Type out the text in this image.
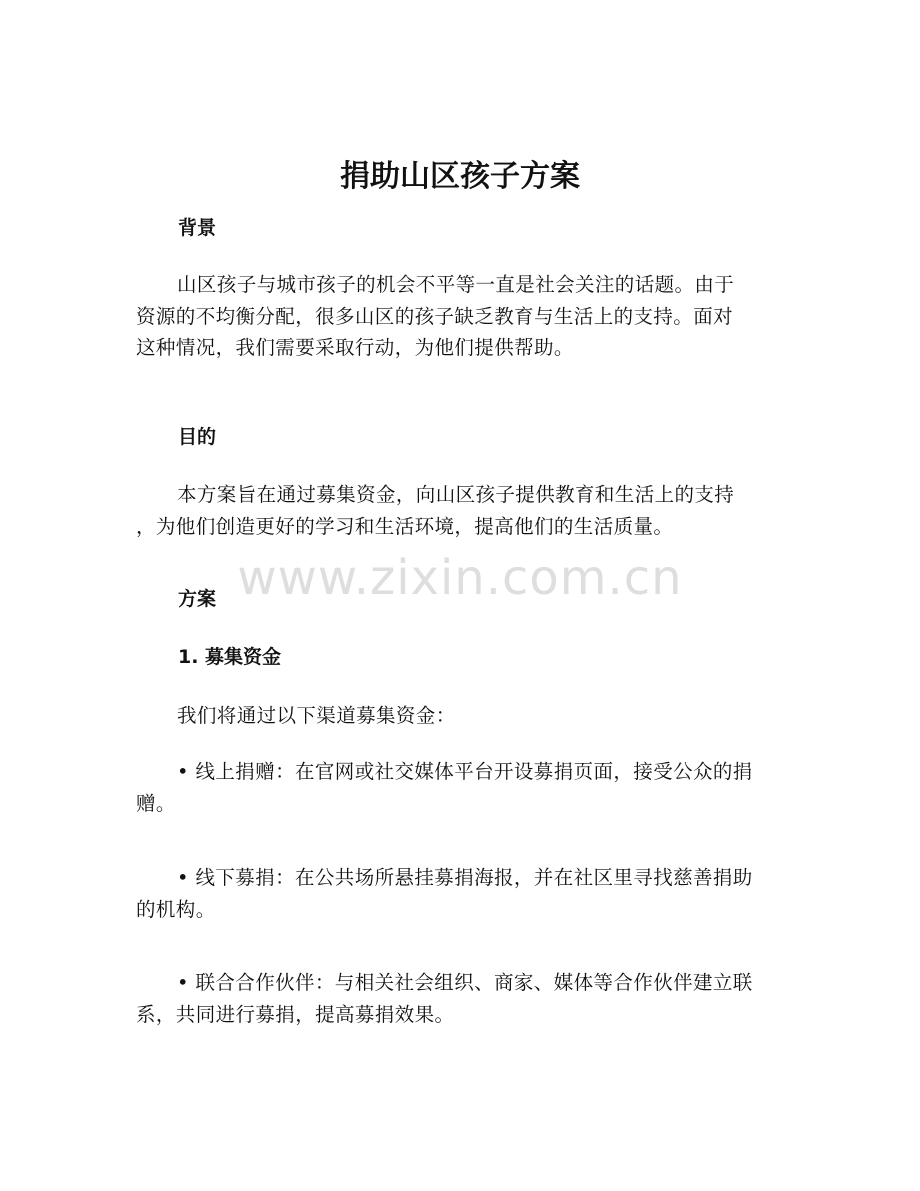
捐助山区孩子方案
背景
山区孩子与城市孩子的机会不平等一直是社会关注的话题。由于
资源的不均衡分配，很多山区的孩子缺乏教育与生活上的支持。面对
这种情况，我们需要采取行动，为他们提供帮助。
目的
本方案旨在通过募集资金，向山区孩子提供教育和生活上的支持
，为他们创造更好的学习和生活环境，提高他们的生活质量。
方案
1. 募集资金
我们将通过以下渠道募集资金：
• 线上捐赠：在官网或社交媒体平台开设募捐页面，接受公众的捐
赠。
• 线下募捐：在公共场所悬挂募捐海报，并在社区里寻找慈善捐助
的机构。
• 联合合作伙伴：与相关社会组织、商家、媒体等合作伙伴建立联
系，共同进行募捐，提高募捐效果。
www.zixin.com.cn
